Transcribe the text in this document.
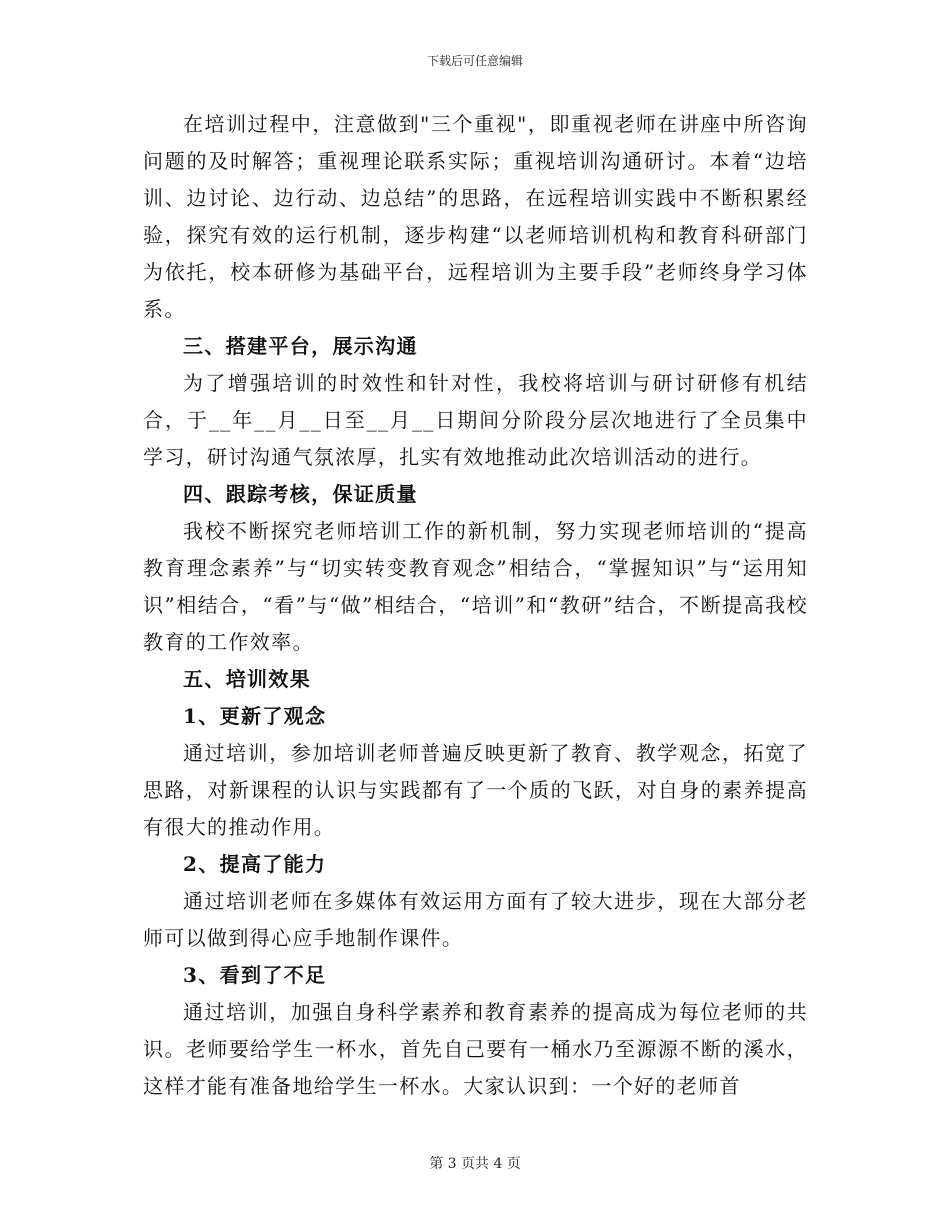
下载后可任意编辑

在培训过程中，注意做到"三个重视"，即重视老师在讲座中所咨询问题的及时解答；重视理论联系实际；重视培训沟通研讨。本着“边培训、边讨论、边行动、边总结”的思路，在远程培训实践中不断积累经验，探究有效的运行机制，逐步构建“以老师培训机构和教育科研部门为依托，校本研修为基础平台，远程培训为主要手段”老师终身学习体系。

三、搭建平台，展示沟通

为了增强培训的时效性和针对性，我校将培训与研讨研修有机结合，于__年__月__日至__月__日期间分阶段分层次地进行了全员集中学习，研讨沟通气氛浓厚，扎实有效地推动此次培训活动的进行。

四、跟踪考核，保证质量

我校不断探究老师培训工作的新机制，努力实现老师培训的“提高教育理念素养”与“切实转变教育观念”相结合，“掌握知识”与“运用知识”相结合，“看”与“做”相结合，“培训”和“教研”结合，不断提高我校教育的工作效率。

五、培训效果

1、更新了观念

通过培训，参加培训老师普遍反映更新了教育、教学观念，拓宽了思路，对新课程的认识与实践都有了一个质的飞跃，对自身的素养提高有很大的推动作用。

2、提高了能力

通过培训老师在多媒体有效运用方面有了较大进步，现在大部分老师可以做到得心应手地制作课件。

3、看到了不足

通过培训，加强自身科学素养和教育素养的提高成为每位老师的共识。老师要给学生一杯水，首先自己要有一桶水乃至源源不断的溪水，这样才能有准备地给学生一杯水。大家认识到：一个好的老师首

第 3 页共 4 页
